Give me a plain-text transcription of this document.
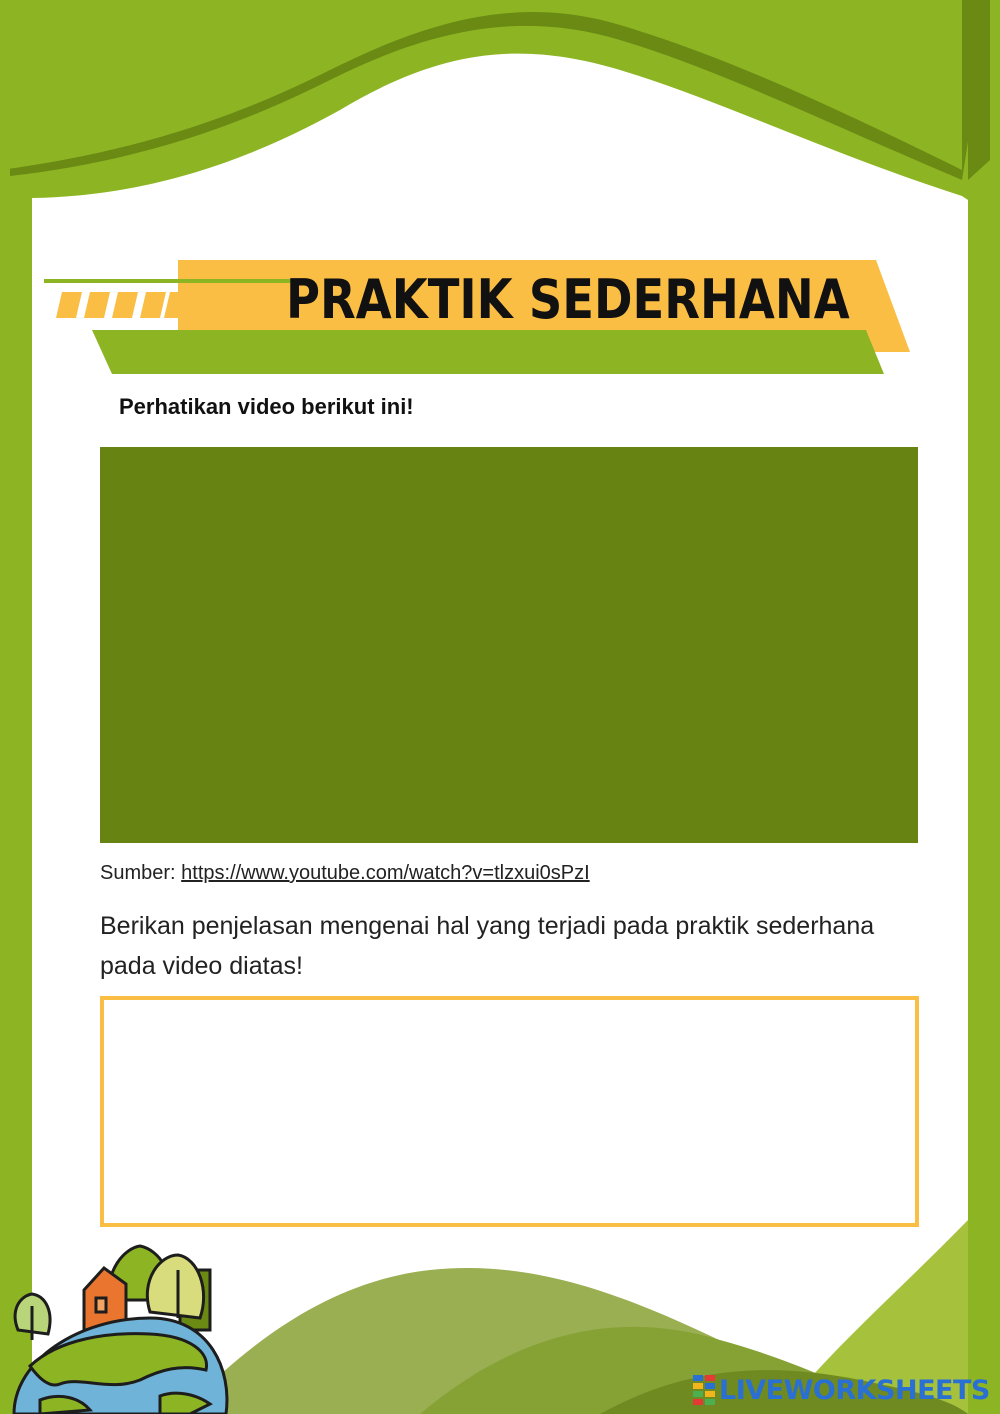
PRAKTIK SEDERHANA
Perhatikan video berikut ini!
Sumber: https://www.youtube.com/watch?v=tlzxui0sPzI
Berikan penjelasan mengenai hal yang terjadi pada praktik sederhana pada video diatas!
LIVEWORKSHEETS
